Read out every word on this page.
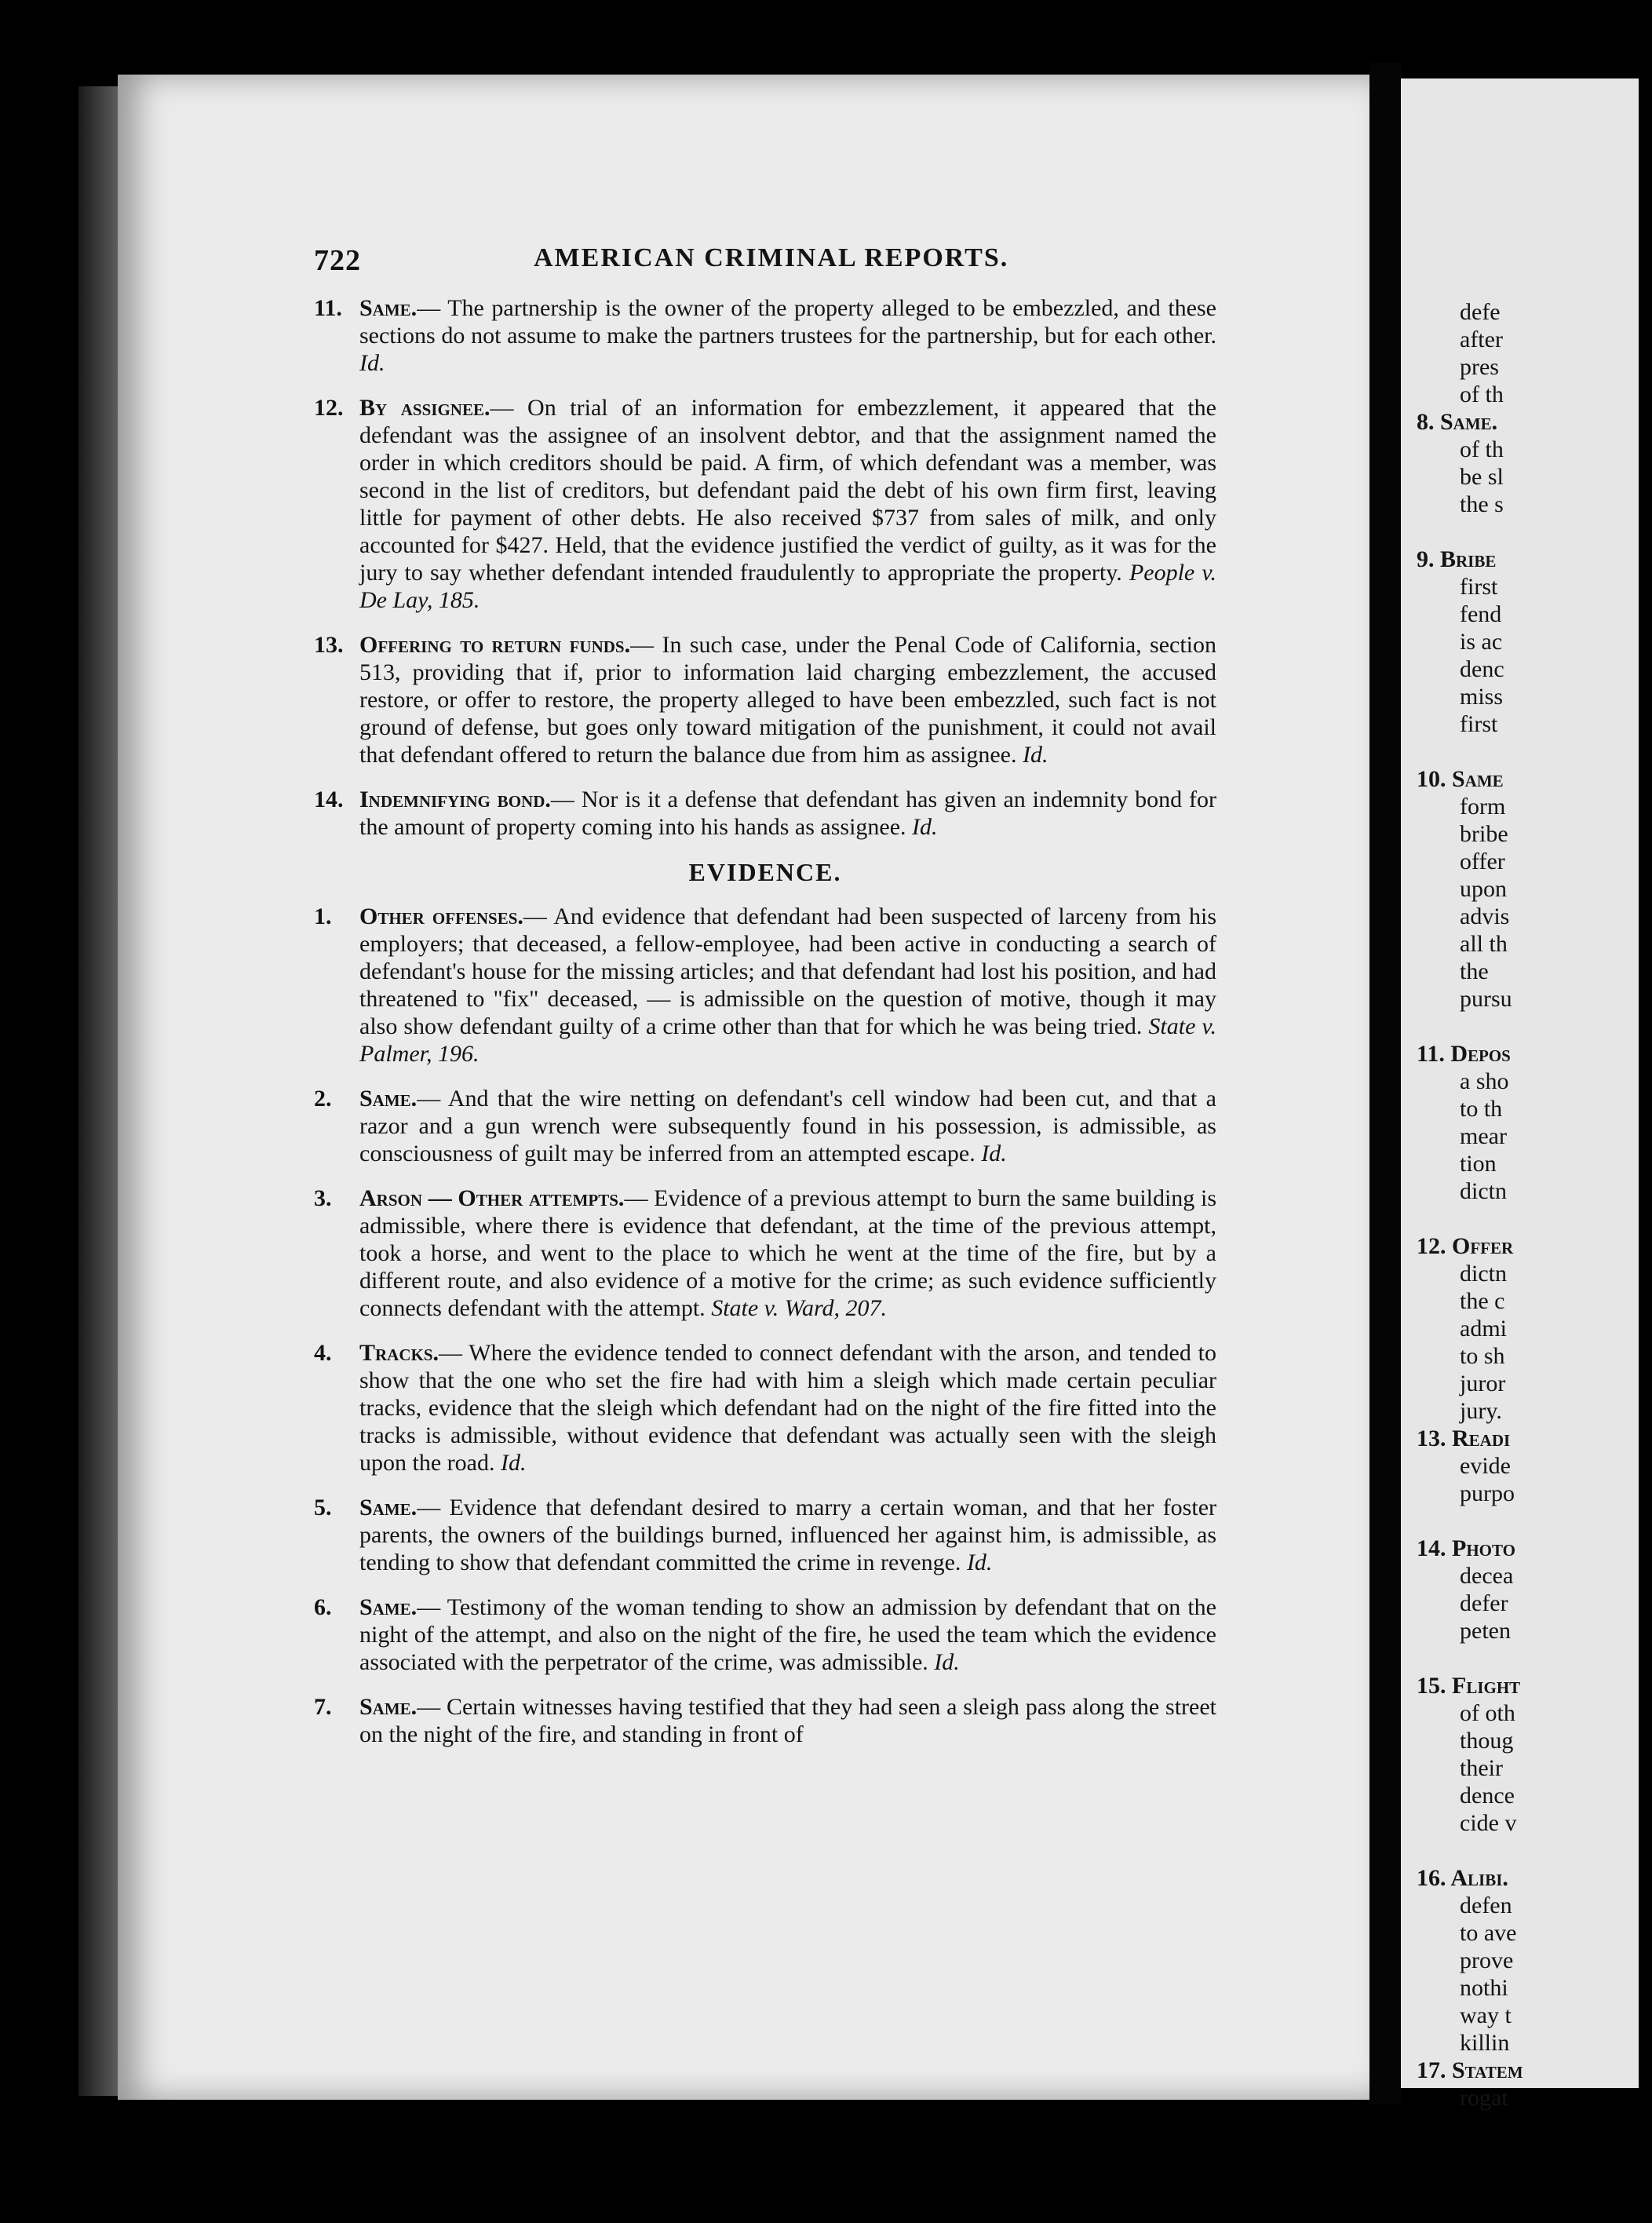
722	AMERICAN CRIMINAL REPORTS.
11. Same.— The partnership is the owner of the property alleged to be embezzled, and these sections do not assume to make the partners trustees for the partnership, but for each other. Id.
12. By assignee.— On trial of an information for embezzlement, it appeared that the defendant was the assignee of an insolvent debtor, and that the assignment named the order in which creditors should be paid. A firm, of which defendant was a member, was second in the list of creditors, but defendant paid the debt of his own firm first, leaving little for payment of other debts. He also received $737 from sales of milk, and only accounted for $427. Held, that the evidence justified the verdict of guilty, as it was for the jury to say whether defendant intended fraudulently to appropriate the property. People v. De Lay, 185.
13. Offering to return funds.— In such case, under the Penal Code of California, section 513, providing that if, prior to information laid charging embezzlement, the accused restore, or offer to restore, the property alleged to have been embezzled, such fact is not ground of defense, but goes only toward mitigation of the punishment, it could not avail that defendant offered to return the balance due from him as assignee. Id.
14. Indemnifying bond.— Nor is it a defense that defendant has given an indemnity bond for the amount of property coming into his hands as assignee. Id.
EVIDENCE.
1.	Other offenses.— And evidence that defendant had been suspected of larceny from his employers; that deceased, a fellow-employee, had been active in conducting a search of defendant's house for the missing articles; and that defendant had lost his position, and had threatened to "fix" deceased, — is admissible on the question of motive, though it may also show defendant guilty of a crime other than that for which he was being tried. State v. Palmer, 196.
2.	Same.— And that the wire netting on defendant's cell window had been cut, and that a razor and a gun wrench were subsequently found in his possession, is admissible, as consciousness of guilt may be inferred from an attempted escape. Id.
3.	Arson — Other attempts.— Evidence of a previous attempt to burn the same building is admissible, where there is evidence that defendant, at the time of the previous attempt, took a horse, and went to the place to which he went at the time of the fire, but by a different route, and also evidence of a motive for the crime; as such evidence sufficiently connects defendant with the attempt. State v. Ward, 207.
4.	Tracks.— Where the evidence tended to connect defendant with the arson, and tended to show that the one who set the fire had with him a sleigh which made certain peculiar tracks, evidence that the sleigh which defendant had on the night of the fire fitted into the tracks is admissible, without evidence that defendant was actually seen with the sleigh upon the road. Id.
5.	Same.— Evidence that defendant desired to marry a certain woman, and that her foster parents, the owners of the buildings burned, influenced her against him, is admissible, as tending to show that defendant committed the crime in revenge. Id.
6.	Same.— Testimony of the woman tending to show an admission by defendant that on the night of the attempt, and also on the night of the fire, he used the team which the evidence associated with the perpetrator of the crime, was admissible. Id.
7.	Same.— Certain witnesses having testified that they had seen a sleigh pass along the street on the night of the fire, and standing in front of
defe
after
pres
of th
8. Same.
of th
be sl
the s
9. Bribe
first
fend
is ac
denc
miss
first
10. Same
form
bribe
offer
upon
advis
all th
the
pursu
11. Depos
a sho
to th
mear
tion
dictn
12. Offer
dictn
the c
admi
to sh
juror
jury.
13. Readi
evide
purpo
14. Photo
decea
defer
peten
15. Flight
of oth
thoug
their
dence
cide v
16. Alibi.
defen
to ave
prove
nothi
way t
killin
17. Statem
rogat
